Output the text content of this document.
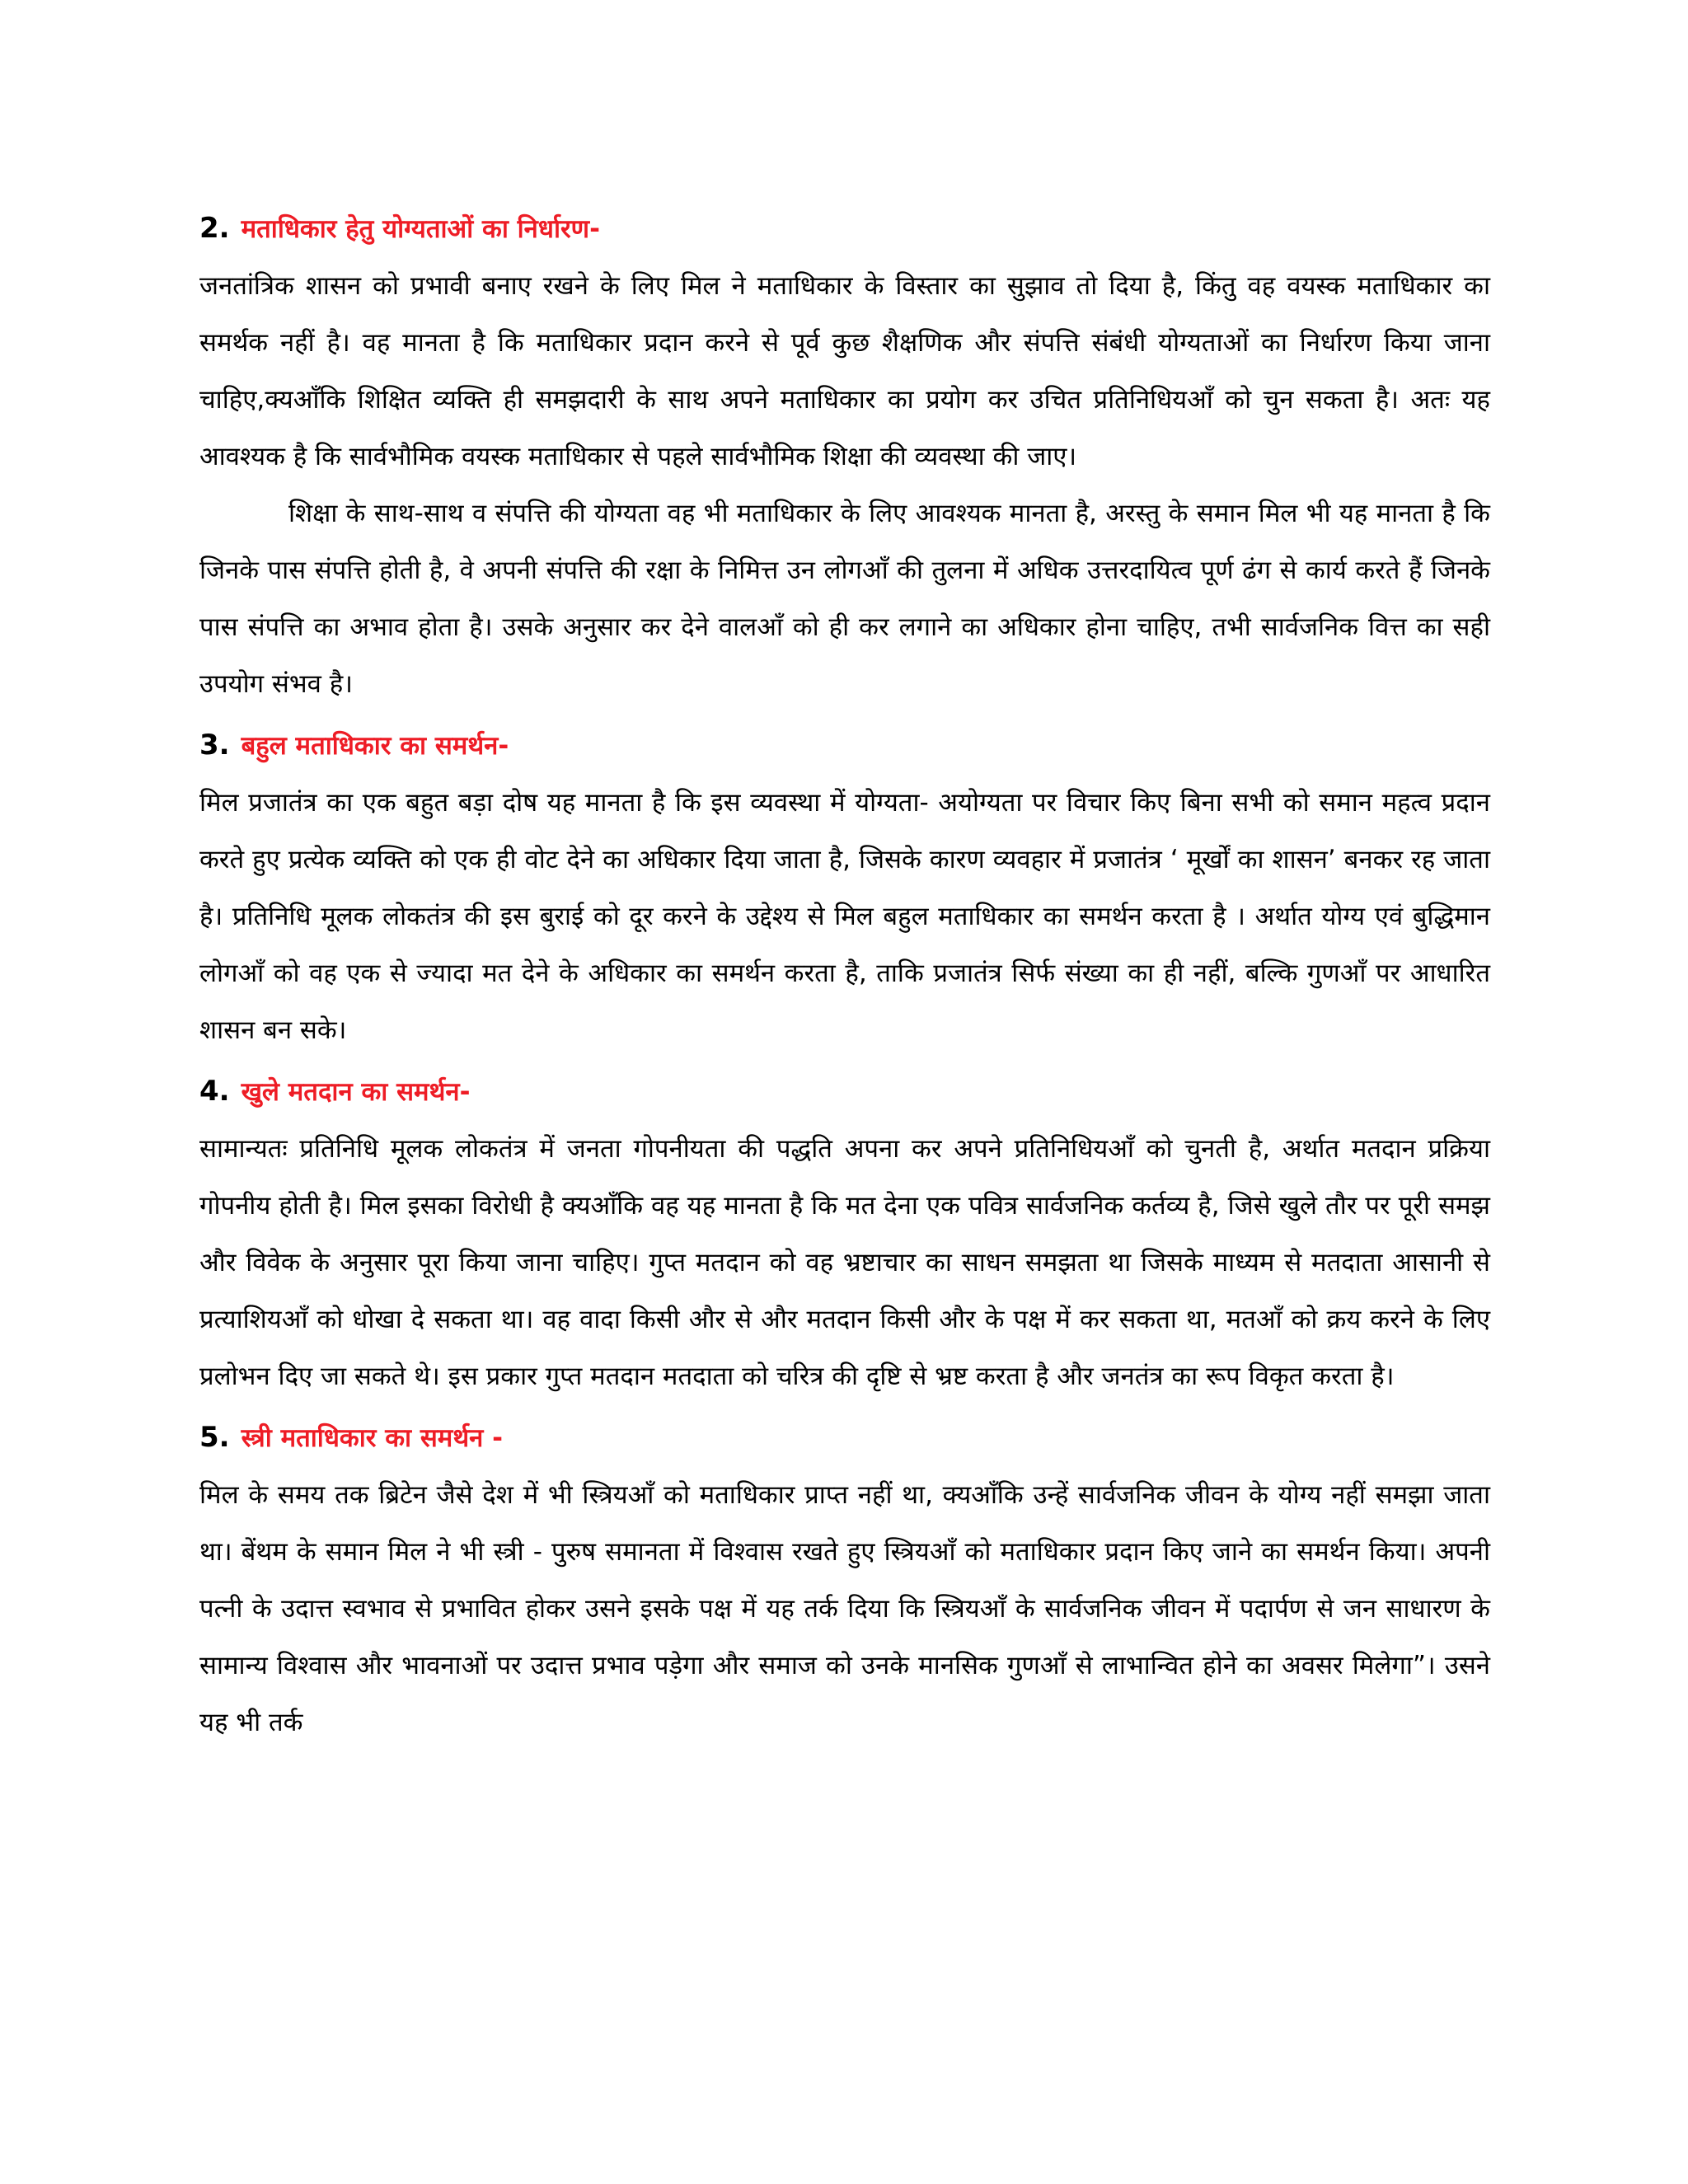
2. मताधिकार हेतु योग्यताओं का निर्धारण-

जनतांत्रिक शासन को प्रभावी बनाए रखने के लिए मिल ने मताधिकार के विस्तार का सुझाव तो दिया है, किंतु वह वयस्क मताधिकार का समर्थक नहीं है। वह मानता है कि मताधिकार प्रदान करने से पूर्व कुछ शैक्षणिक और संपत्ति संबंधी योग्यताओं का निर्धारण किया जाना चाहिए,क्यऑंकि शिक्षित व्यक्ति ही समझदारी के साथ अपने मताधिकार का प्रयोग कर उचित प्रतिनिधियऑं को चुन सकता है। अतः यह आवश्यक है कि सार्वभौमिक वयस्क मताधिकार से पहले सार्वभौमिक शिक्षा की व्यवस्था की जाए।

शिक्षा के साथ-साथ व संपत्ति की योग्यता वह भी मताधिकार के लिए आवश्यक मानता है, अरस्तु के समान मिल भी यह मानता है कि जिनके पास संपत्ति होती है, वे अपनी संपत्ति की रक्षा के निमित्त उन लोगऑं की तुलना में अधिक उत्तरदायित्व पूर्ण ढंग से कार्य करते हैं जिनके पास संपत्ति का अभाव होता है। उसके अनुसार कर देने वालऑं को ही कर लगाने का अधिकार होना चाहिए, तभी सार्वजनिक वित्त का सही उपयोग संभव है।

3. बहुल मताधिकार का समर्थन-

मिल प्रजातंत्र का एक बहुत बड़ा दोष यह मानता है कि इस व्यवस्था में योग्यता- अयोग्यता पर विचार किए बिना सभी को समान महत्व प्रदान करते हुए प्रत्येक व्यक्ति को एक ही वोट देने का अधिकार दिया जाता है, जिसके कारण व्यवहार में प्रजातंत्र ‘ मूर्खों का शासन’ बनकर रह जाता है। प्रतिनिधि मूलक लोकतंत्र की इस बुराई को दूर करने के उद्देश्य से मिल बहुल मताधिकार का समर्थन करता है । अर्थात योग्य एवं बुद्धिमान लोगऑं को वह एक से ज्यादा मत देने के अधिकार का समर्थन करता है, ताकि प्रजातंत्र सिर्फ संख्या का ही नहीं, बल्कि गुणऑं पर आधारित शासन बन सके।

4. खुले मतदान का समर्थन-

सामान्यतः प्रतिनिधि मूलक लोकतंत्र में जनता गोपनीयता की पद्धति अपना कर अपने प्रतिनिधियऑं को चुनती है, अर्थात मतदान प्रक्रिया गोपनीय होती है। मिल इसका विरोधी है क्यऑंकि वह यह मानता है कि मत देना एक पवित्र सार्वजनिक कर्तव्य है, जिसे खुले तौर पर पूरी समझ और विवेक के अनुसार पूरा किया जाना चाहिए। गुप्त मतदान को वह भ्रष्टाचार का साधन समझता था जिसके माध्यम से मतदाता आसानी से प्रत्याशियऑं को धोखा दे सकता था। वह वादा किसी और से और मतदान किसी और के पक्ष में कर सकता था, मतऑं को क्रय करने के लिए प्रलोभन दिए जा सकते थे। इस प्रकार गुप्त मतदान मतदाता को चरित्र की दृष्टि से भ्रष्ट करता है और जनतंत्र का रूप विकृत करता है।

5. स्त्री मताधिकार का समर्थन -

मिल के समय तक ब्रिटेन जैसे देश में भी स्त्रियऑं को मताधिकार प्राप्त नहीं था, क्यऑंकि उन्हें सार्वजनिक जीवन के योग्य नहीं समझा जाता था। बेंथम के समान मिल ने भी स्त्री - पुरुष समानता में विश्वास रखते हुए स्त्रियऑं को मताधिकार प्रदान किए जाने का समर्थन किया। अपनी पत्नी के उदात्त स्वभाव से प्रभावित होकर उसने इसके पक्ष में यह तर्क दिया कि स्त्रियऑं के सार्वजनिक जीवन में पदार्पण से जन साधारण के सामान्य विश्वास और भावनाओं पर उदात्त प्रभाव पड़ेगा और समाज को उनके मानसिक गुणऑं से लाभान्वित होने का अवसर मिलेगा”। उसने यह भी तर्क
